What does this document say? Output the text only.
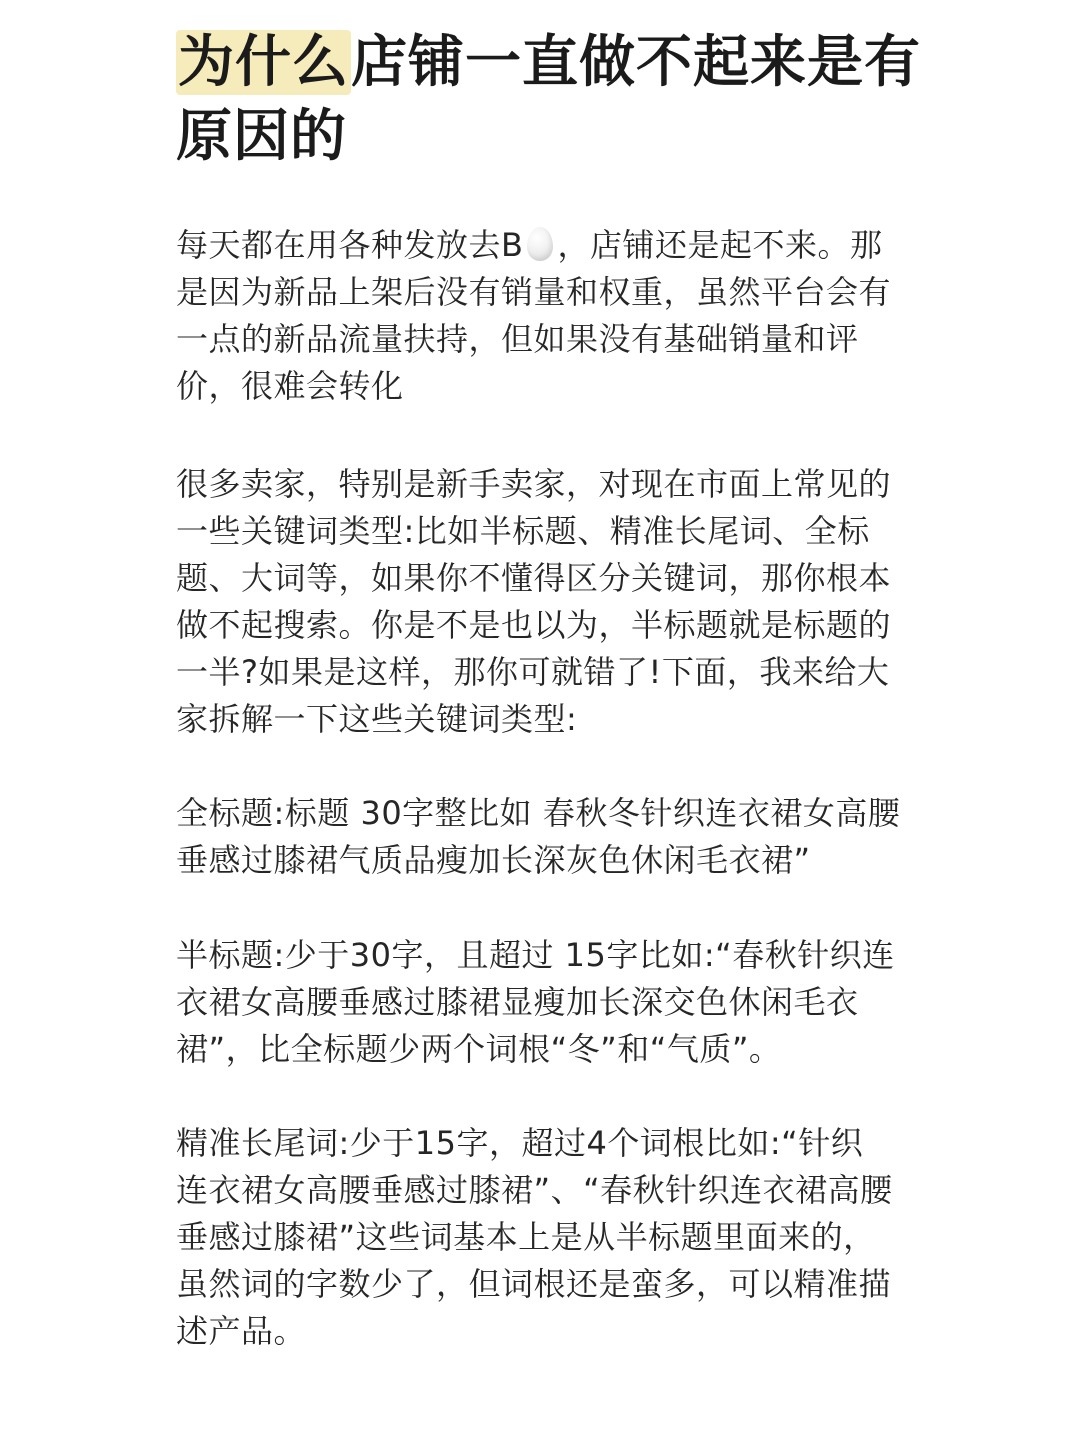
为什么店铺一直做不起来是有
原因的
每天都在用各种发放去B ，店铺还是起不来。那
是因为新品上架后没有销量和权重，虽然平台会有
一点的新品流量扶持，但如果没有基础销量和评
价，很难会转化
很多卖家，特别是新手卖家，对现在市面上常见的
一些关键词类型:比如半标题、精准长尾词、全标
题、大词等，如果你不懂得区分关键词，那你根本
做不起搜索。你是不是也以为，半标题就是标题的
一半?如果是这样，那你可就错了!下面，我来给大
家拆解一下这些关键词类型:
全标题:标题 30字整比如 春秋冬针织连衣裙女高腰
垂感过膝裙气质品瘦加长深灰色休闲毛衣裙”
半标题:少于30字，且超过 15字比如:“春秋针织连
衣裙女高腰垂感过膝裙显瘦加长深交色休闲毛衣
裙”，比全标题少两个词根“冬”和“气质”。
精准长尾词:少于15字，超过4个词根比如:“针织
连衣裙女高腰垂感过膝裙”、“春秋针织连衣裙高腰
垂感过膝裙”这些词基本上是从半标题里面来的，
虽然词的字数少了，但词根还是蛮多，可以精准描
述产品。
